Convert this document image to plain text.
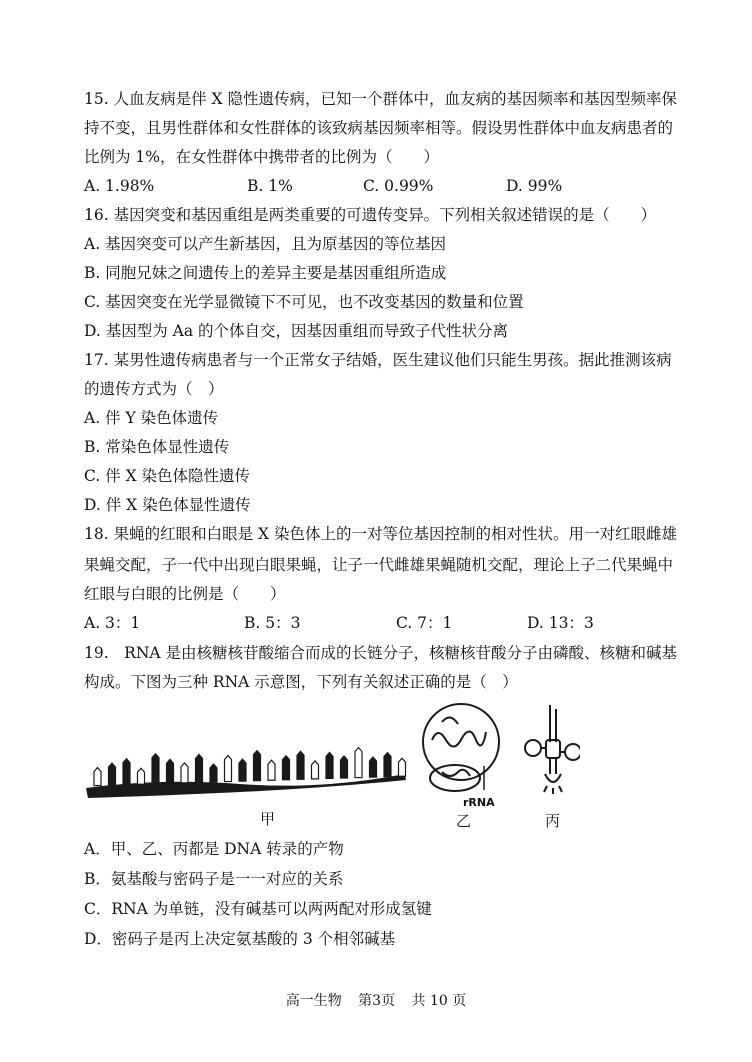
15. 人血友病是伴 X 隐性遗传病，已知一个群体中，血友病的基因频率和基因型频率保
持不变，且男性群体和女性群体的该致病基因频率相等。假设男性群体中血友病患者的
比例为 1%，在女性群体中携带者的比例为（　　）
A. 1.98%	B. 1%	C. 0.99%	D. 99%
16. 基因突变和基因重组是两类重要的可遗传变异。下列相关叙述错误的是（　　）
A. 基因突变可以产生新基因，且为原基因的等位基因
B. 同胞兄妹之间遗传上的差异主要是基因重组所造成
C. 基因突变在光学显微镜下不可见，也不改变基因的数量和位置
D. 基因型为 Aa 的个体自交，因基因重组而导致子代性状分离
17. 某男性遗传病患者与一个正常女子结婚，医生建议他们只能生男孩。据此推测该病
的遗传方式为（　）
A. 伴 Y 染色体遗传
B. 常染色体显性遗传
C. 伴 X 染色体隐性遗传
D. 伴 X 染色体显性遗传
18. 果蝇的红眼和白眼是 X 染色体上的一对等位基因控制的相对性状。用一对红眼雌雄
果蝇交配，子一代中出现白眼果蝇，让子一代雌雄果蝇随机交配，理论上子二代果蝇中
红眼与白眼的比例是（　　）
A. 3：1	B. 5：3	C. 7：1	D. 13：3
19.　RNA 是由核糖核苷酸缩合而成的长链分子，核糖核苷酸分子由磷酸、核糖和碱基
构成。下图为三种 RNA 示意图，下列有关叙述正确的是（　）
rRNA
甲	乙	丙
A．甲、乙、丙都是 DNA 转录的产物
B．氨基酸与密码子是一一对应的关系
C．RNA 为单链，没有碱基可以两两配对形成氢键
D．密码子是丙上决定氨基酸的 3 个相邻碱基
高一生物 第3页 共 10 页
